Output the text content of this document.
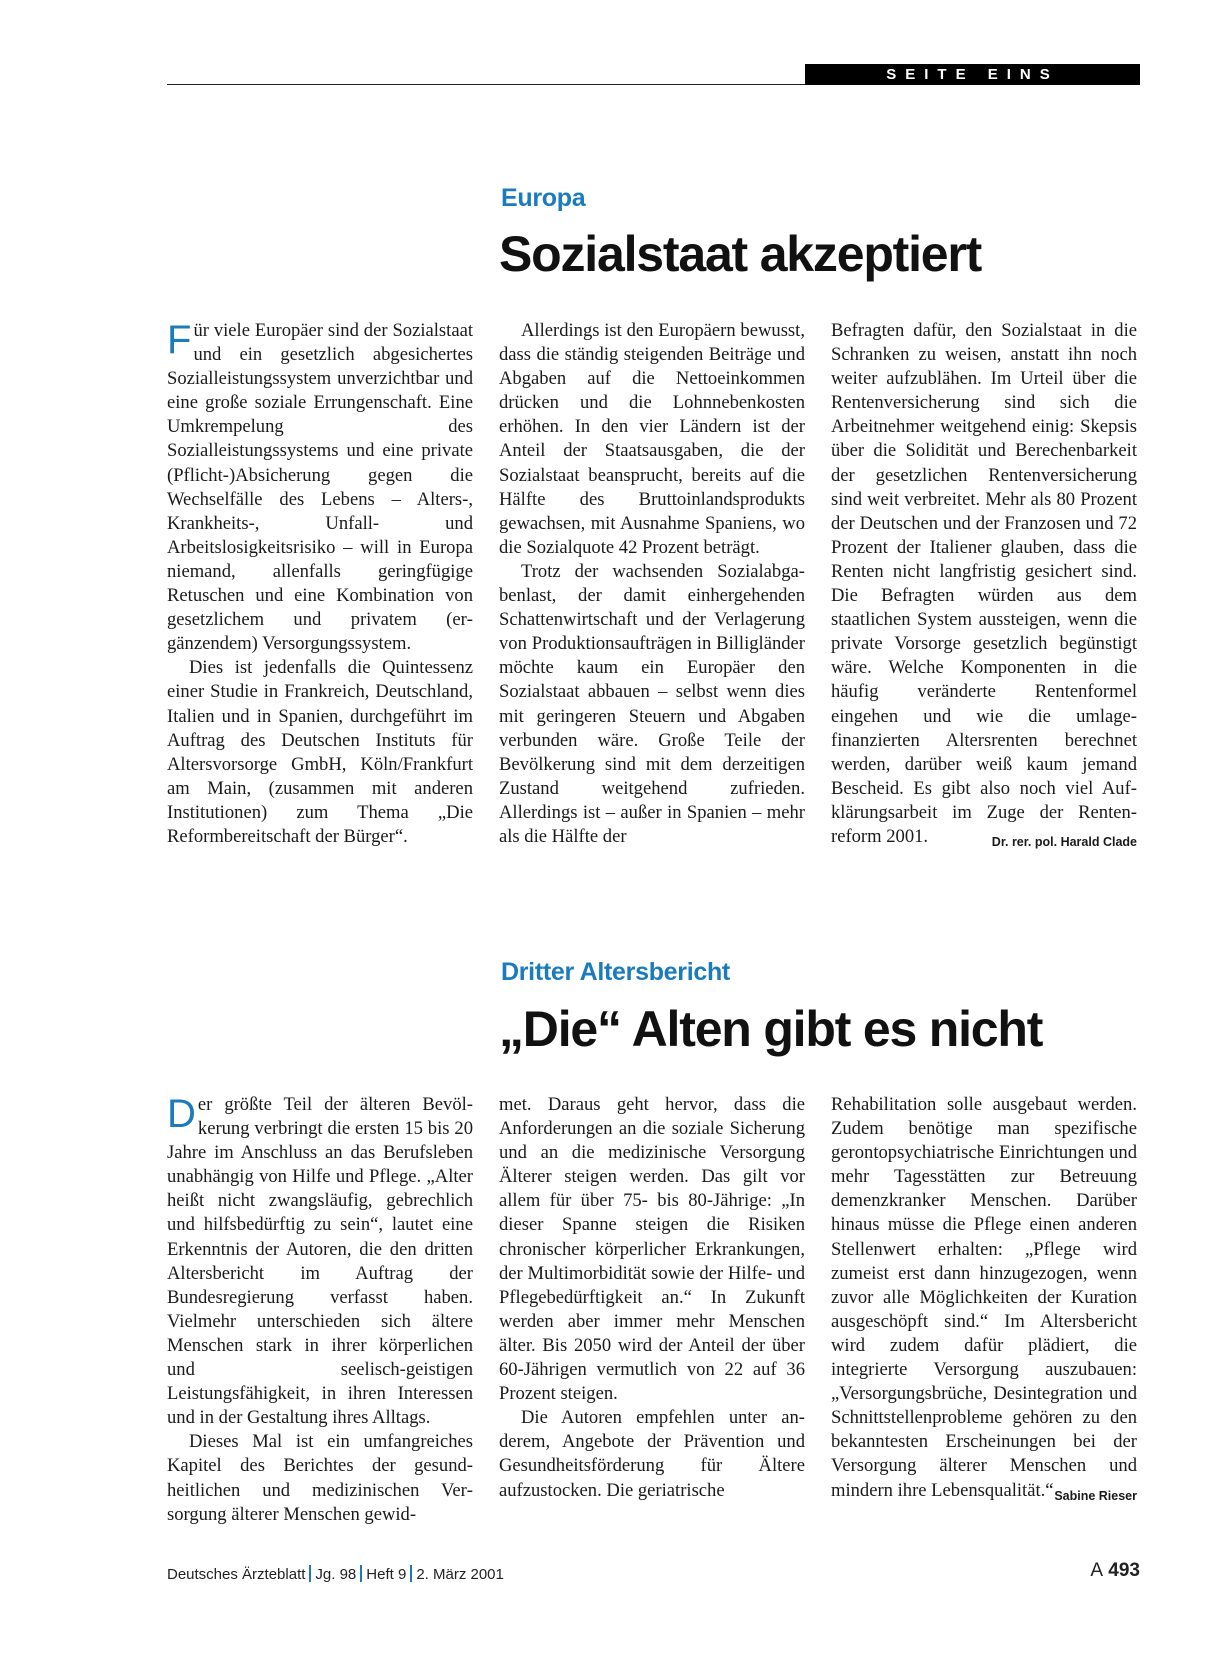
SEITE EINS
Europa
Sozialstaat akzeptiert

Für viele Europäer sind der Sozialstaat und ein gesetzlich abgesichertes Sozialleistungssystem unverzichtbar und eine große soziale Errungenschaft. Eine Umkrempelung des Sozialleistungssystems und eine private (Pflicht-)Absicherung gegen die Wechselfälle des Lebens – Alters-, Krankheits-, Unfall- und Arbeitslosigkeitsrisiko – will in Europa niemand, allenfalls geringfügige Retuschen und eine Kombination von gesetzlichem und privatem (ergänzendem) Versorgungssystem.

Dies ist jedenfalls die Quintessenz einer Studie in Frankreich, Deutschland, Italien und in Spanien, durchgeführt im Auftrag des Deutschen Instituts für Altersvorsorge GmbH, Köln/Frankfurt am Main, (zusammen mit anderen Institutionen) zum Thema „Die Reformbereitschaft der Bürger“.

Allerdings ist den Europäern bewusst, dass die ständig steigenden Beiträge und Abgaben auf die Nettoeinkommen drücken und die Lohnnebenkosten erhöhen. In den vier Ländern ist der Anteil der Staatsausgaben, die der Sozialstaat beansprucht, bereits auf die Hälfte des Bruttoinlandsprodukts gewachsen, mit Ausnahme Spaniens, wo die Sozialquote 42 Prozent beträgt.

Trotz der wachsenden Sozialabgabenlast, der damit einhergehenden Schattenwirtschaft und der Verlagerung von Produktionsaufträgen in Billigländer möchte kaum ein Europäer den Sozialstaat abbauen – selbst wenn dies mit geringeren Steuern und Abgaben verbunden wäre. Große Teile der Bevölkerung sind mit dem derzeitigen Zustand weitgehend zufrieden. Allerdings ist – außer in Spanien – mehr als die Hälfte der

Befragten dafür, den Sozialstaat in die Schranken zu weisen, anstatt ihn noch weiter aufzublähen. Im Urteil über die Rentenversicherung sind sich die Arbeitnehmer weitgehend einig: Skepsis über die Solidität und Berechenbarkeit der gesetzlichen Rentenversicherung sind weit verbreitet. Mehr als 80 Prozent der Deutschen und der Franzosen und 72 Prozent der Italiener glauben, dass die Renten nicht langfristig gesichert sind. Die Befragten würden aus dem staatlichen System aussteigen, wenn die private Vorsorge gesetzlich begünstigt wäre. Welche Komponenten in die häufig veränderte Rentenformel eingehen und wie die umlagefinanzierten Altersrenten berechnet werden, darüber weiß kaum jemand Bescheid. Es gibt also noch viel Aufklärungsarbeit im Zuge der Rentenreform 2001.	Dr. rer. pol. Harald Clade

Dritter Altersbericht
„Die“ Alten gibt es nicht

Der größte Teil der älteren Bevölkerung verbringt die ersten 15 bis 20 Jahre im Anschluss an das Berufsleben unabhängig von Hilfe und Pflege. „Alter heißt nicht zwangsläufig, gebrechlich und hilfsbedürftig zu sein“, lautet eine Erkenntnis der Autoren, die den dritten Altersbericht im Auftrag der Bundesregierung verfasst haben. Vielmehr unterschieden sich ältere Menschen stark in ihrer körperlichen und seelisch-geistigen Leistungsfähigkeit, in ihren Interessen und in der Gestaltung ihres Alltags.

Dieses Mal ist ein umfangreiches Kapitel des Berichtes der gesundheitlichen und medizinischen Versorgung älterer Menschen gewid-

met. Daraus geht hervor, dass die Anforderungen an die soziale Sicherung und an die medizinische Versorgung Älterer steigen werden. Das gilt vor allem für über 75- bis 80-Jährige: „In dieser Spanne steigen die Risiken chronischer körperlicher Erkrankungen, der Multimorbidität sowie der Hilfe- und Pflegebedürftigkeit an.“ In Zukunft werden aber immer mehr Menschen älter. Bis 2050 wird der Anteil der über 60-Jährigen vermutlich von 22 auf 36 Prozent steigen.

Die Autoren empfehlen unter anderem, Angebote der Prävention und Gesundheitsförderung für Ältere aufzustocken. Die geriatrische

Rehabilitation solle ausgebaut werden. Zudem benötige man spezifische gerontopsychiatrische Einrichtungen und mehr Tagesstätten zur Betreuung demenzkranker Menschen. Darüber hinaus müsse die Pflege einen anderen Stellenwert erhalten: „Pflege wird zumeist erst dann hinzugezogen, wenn zuvor alle Möglichkeiten der Kuration ausgeschöpft sind.“ Im Altersbericht wird zudem dafür plädiert, die integrierte Versorgung auszubauen: „Versorgungsbrüche, Desintegration und Schnittstellenprobleme gehören zu den bekanntesten Erscheinungen bei der Versorgung älterer Menschen und mindern ihre Lebensqualität.“ Sabine Rieser

Deutsches Ärzteblatt Jg. 98 Heft 9 2. März 2001	A 493
